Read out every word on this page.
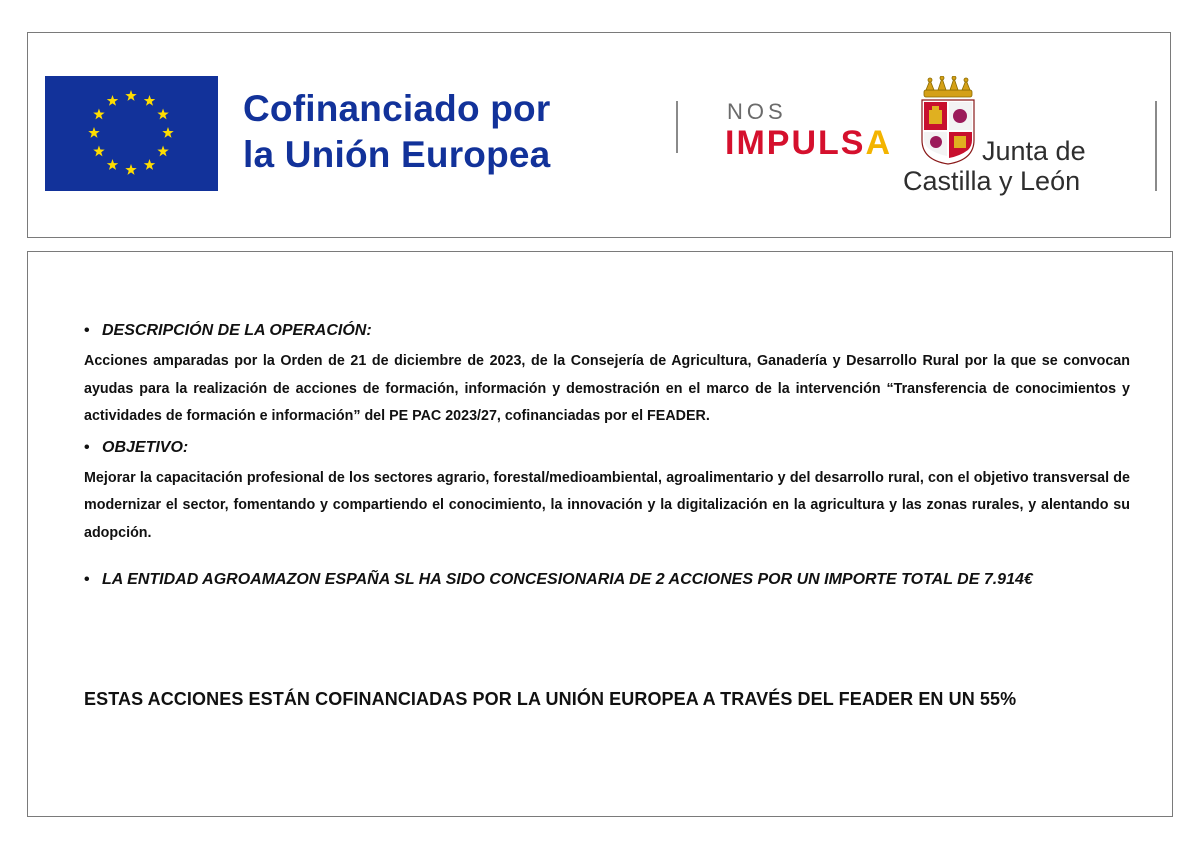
Cofinanciado por
la Unión Europea
NOS
IMPULSA	Junta de
Castilla y León
• DESCRIPCIÓN DE LA OPERACIÓN:

Acciones amparadas por la Orden de 21 de diciembre de 2023, de la Consejería de Agricultura, Ganadería y Desarrollo Rural por la que se convocan ayudas para la realización de acciones de formación, información y demostración en el marco de la intervención “Transferencia de conocimientos y actividades de formación e información” del PE PAC 2023/27, cofinanciadas por el FEADER.

• OBJETIVO:

Mejorar la capacitación profesional de los sectores agrario, forestal/medioambiental, agroalimentario y del desarrollo rural, con el objetivo transversal de modernizar el sector, fomentando y compartiendo el conocimiento, la innovación y la digitalización en la agricultura y las zonas rurales, y alentando su adopción.

• LA ENTIDAD AGROAMAZON ESPAÑA SL HA SIDO CONCESIONARIA DE 2 ACCIONES POR UN IMPORTE TOTAL DE 7.914€
ESTAS ACCIONES ESTÁN COFINANCIADAS POR LA UNIÓN EUROPEA A TRAVÉS DEL FEADER EN UN 55%
